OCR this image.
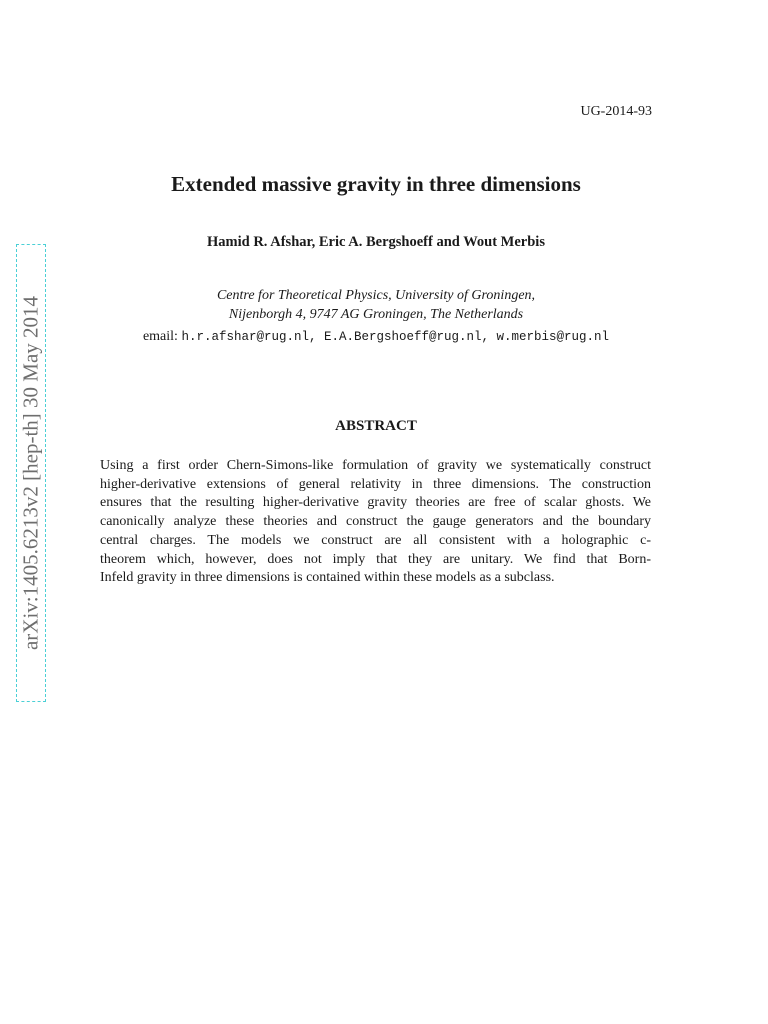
UG-2014-93
Extended massive gravity in three dimensions
Hamid R. Afshar, Eric A. Bergshoeff and Wout Merbis
Centre for Theoretical Physics, University of Groningen,
Nijenborgh 4, 9747 AG Groningen, The Netherlands
email: h.r.afshar@rug.nl, E.A.Bergshoeff@rug.nl, w.merbis@rug.nl
ABSTRACT
Using a first order Chern-Simons-like formulation of gravity we systematically construct
higher-derivative extensions of general relativity in three dimensions. The construction
ensures that the resulting higher-derivative gravity theories are free of scalar ghosts. We
canonically analyze these theories and construct the gauge generators and the boundary
central charges. The models we construct are all consistent with a holographic c-
theorem which, however, does not imply that they are unitary. We find that Born-
Infeld gravity in three dimensions is contained within these models as a subclass.
arXiv:1405.6213v2 [hep-th] 30 May 2014
